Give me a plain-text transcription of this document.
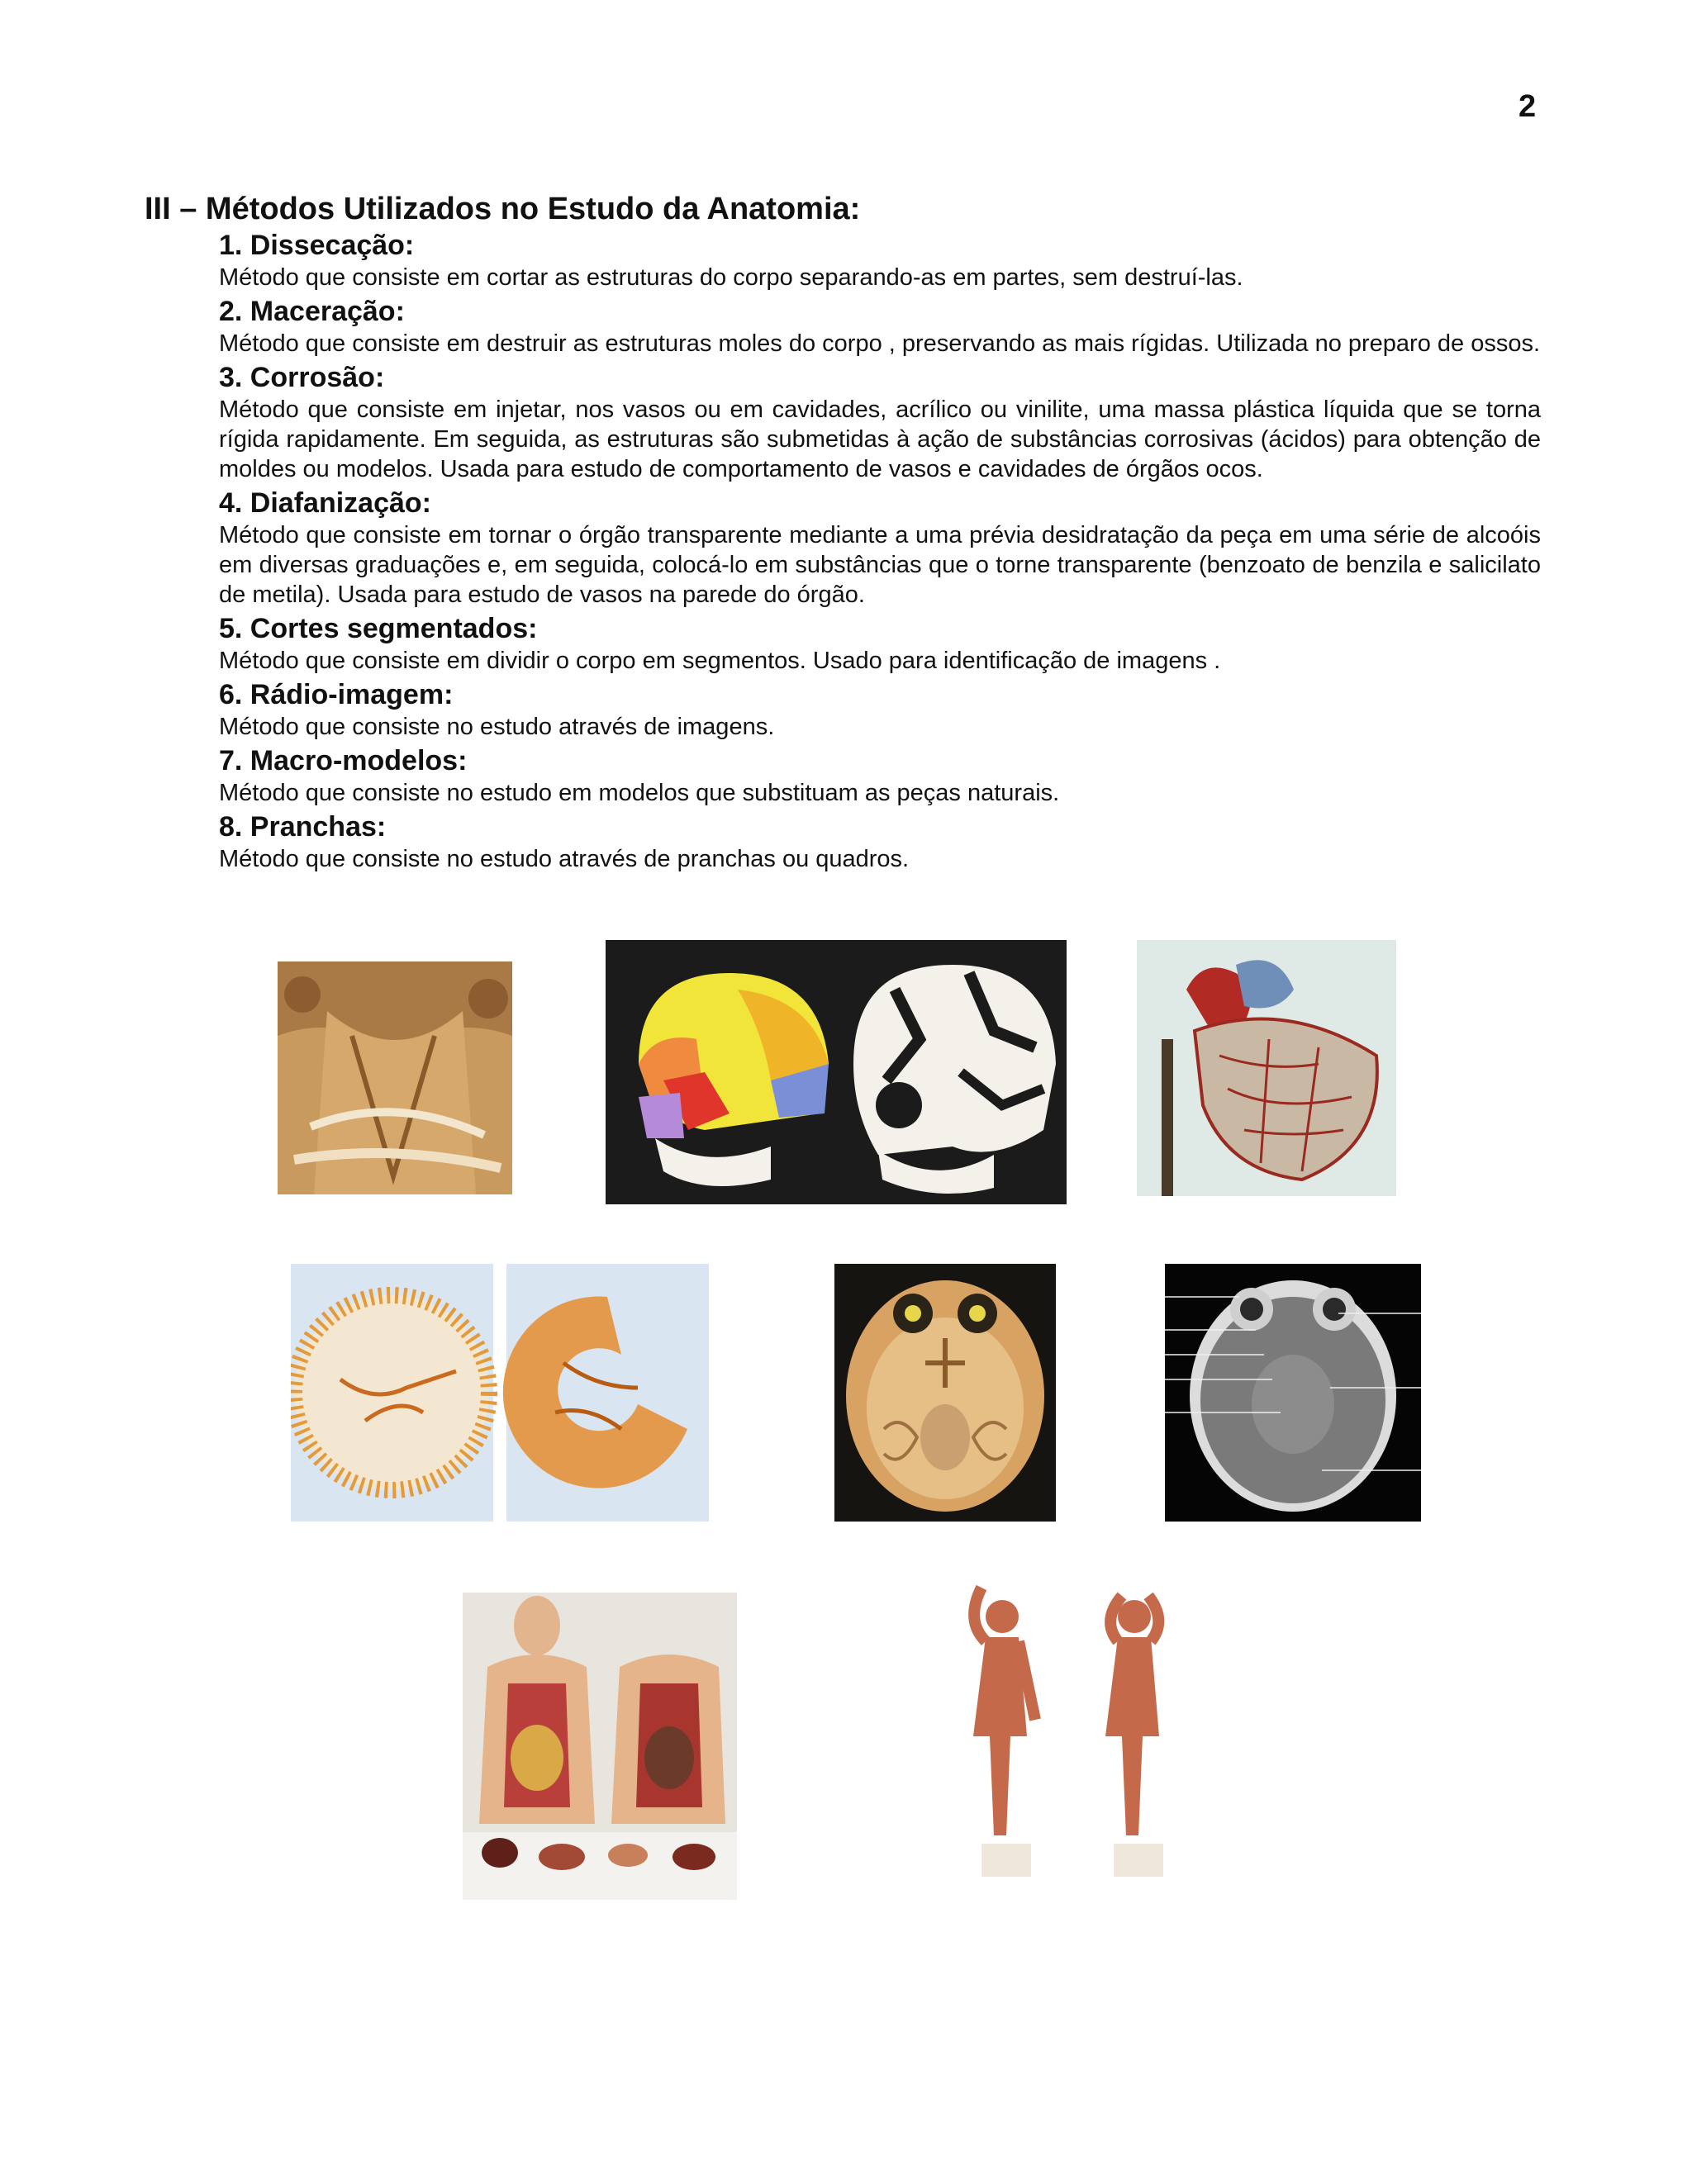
2
III – Métodos Utilizados no Estudo da Anatomia:
1. Dissecação:

Método que consiste em cortar as estruturas do corpo separando-as em partes, sem destruí-las.

2. Maceração:

Método que consiste em destruir as estruturas moles do corpo , preservando as mais rígidas. Utilizada no preparo de ossos.

3. Corrosão:

Método que consiste em injetar, nos vasos ou em cavidades, acrílico ou vinilite, uma massa plástica líquida que se torna rígida rapidamente. Em seguida, as estruturas são submetidas à ação de substâncias corrosivas (ácidos) para obtenção de moldes ou modelos. Usada para estudo de comportamento de vasos e cavidades de órgãos ocos.

4. Diafanização:

Método que consiste em tornar o órgão transparente mediante a uma prévia desidratação da peça em uma série de alcoóis em diversas graduações e, em seguida, colocá-lo em substâncias que o torne transparente (benzoato de benzila e salicilato de metila). Usada para estudo de vasos na parede do órgão.

5. Cortes segmentados:

Método que consiste em dividir o corpo em segmentos. Usado para identificação de imagens .

6. Rádio-imagem:

Método que consiste no estudo através de imagens.

7. Macro-modelos:

Método que consiste no estudo em modelos que substituam as peças naturais.

8. Pranchas:

Método que consiste no estudo através de pranchas ou quadros.
